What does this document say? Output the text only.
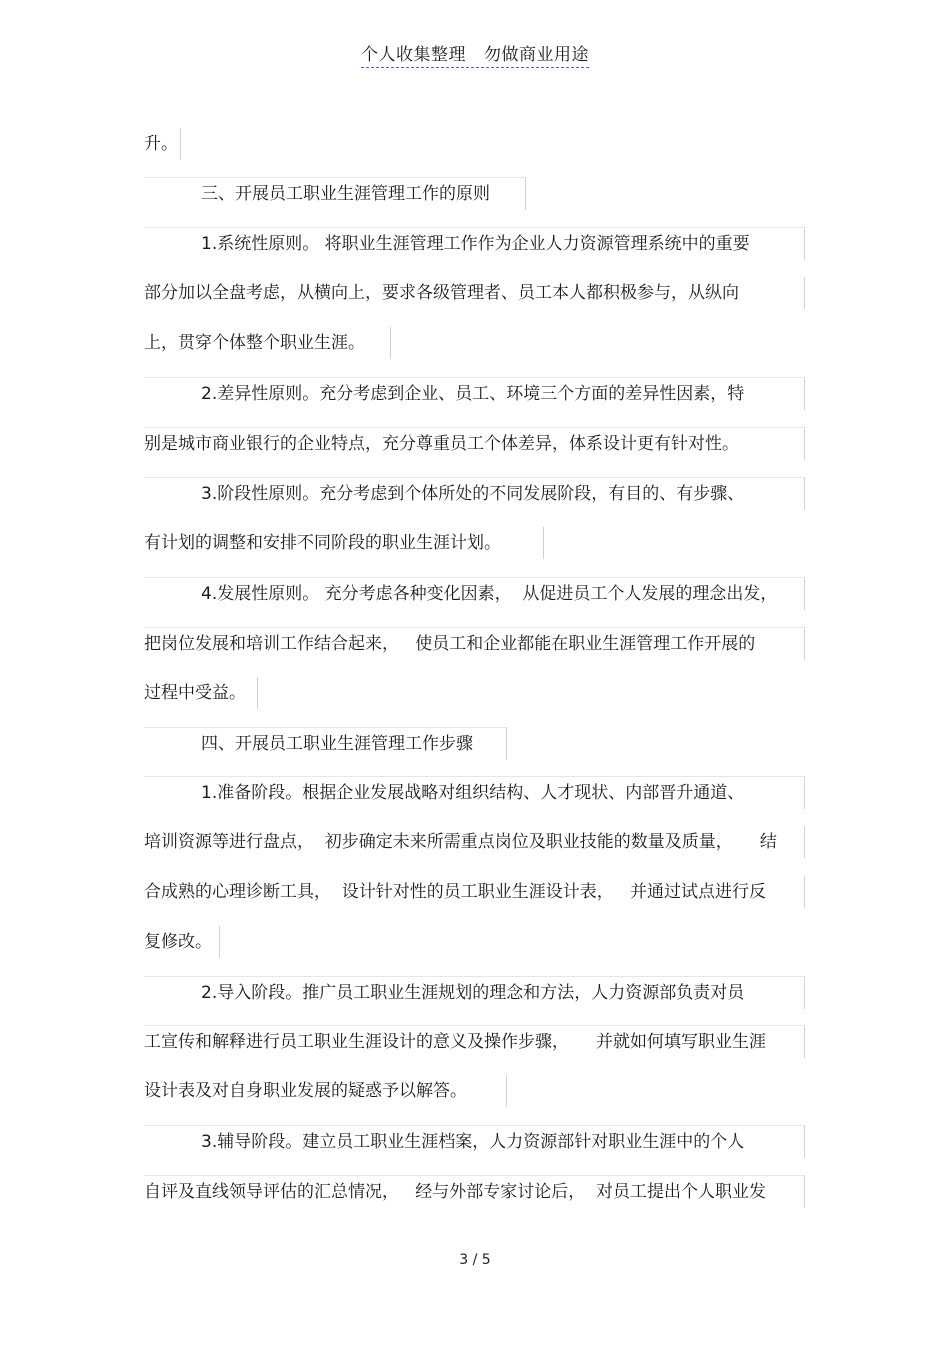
个人收集整理 勿做商业用途
升。
三、开展员工职业生涯管理工作的原则
1.系统性原则。 将职业生涯管理工作作为企业人力资源管理系统中的重要
部分加以全盘考虑，从横向上，要求各级管理者、员工本人都积极参与，从纵向
上，贯穿个体整个职业生涯。
2.差异性原则。充分考虑到企业、员工、环境三个方面的差异性因素，特
别是城市商业银行的企业特点，充分尊重员工个体差异，体系设计更有针对性。
3.阶段性原则。充分考虑到个体所处的不同发展阶段，有目的、有步骤、
有计划的调整和安排不同阶段的职业生涯计划。
4.发展性原则。 充分考虑各种变化因素，  从促进员工个人发展的理念出发，
把岗位发展和培训工作结合起来，   使员工和企业都能在职业生涯管理工作开展的
过程中受益。
四、开展员工职业生涯管理工作步骤
1.准备阶段。根据企业发展战略对组织结构、人才现状、内部晋升通道、
培训资源等进行盘点，  初步确定未来所需重点岗位及职业技能的数量及质量，     结
合成熟的心理诊断工具，  设计针对性的员工职业生涯设计表，   并通过试点进行反
复修改。
2.导入阶段。推广员工职业生涯规划的理念和方法，人力资源部负责对员
工宣传和解释进行员工职业生涯设计的意义及操作步骤，     并就如何填写职业生涯
设计表及对自身职业发展的疑惑予以解答。
3.辅导阶段。建立员工职业生涯档案，人力资源部针对职业生涯中的个人
自评及直线领导评估的汇总情况，   经与外部专家讨论后，  对员工提出个人职业发
3 / 5
